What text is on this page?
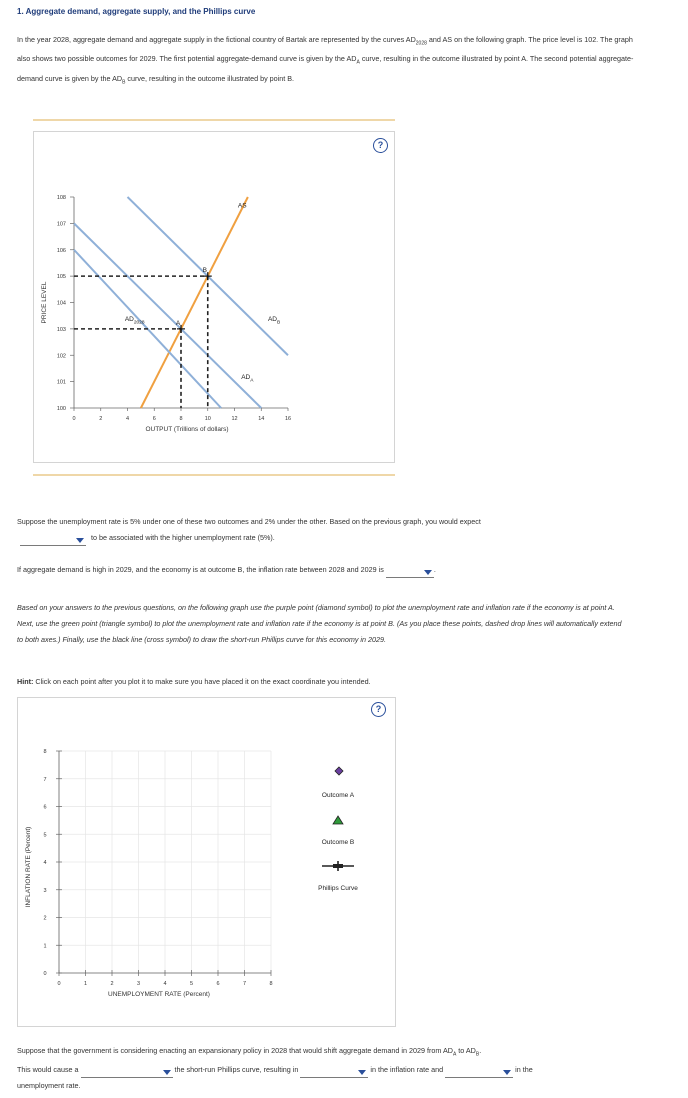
1. Aggregate demand, aggregate supply, and the Phillips curve
In the year 2028, aggregate demand and aggregate supply in the fictional country of Bartak are represented by the curves $AD_{2028}$ and AS on the following graph. The price level is 102. The graph also shows two possible outcomes for 2029. The first potential aggregate-demand curve is given by the $AD_A$ curve, resulting in the outcome illustrated by point A. The second potential aggregate-demand curve is given by the $AD_B$ curve, resulting in the outcome illustrated by point B.
?
108
107
106
105
104
103
102
101
100
0	2	4	6	8	10	12	14	16
PRICE LEVEL
OUTPUT (Trillions of dollars)
A
B
AS
$AD_{2028}$
$AD_A$
$AD_B$
Suppose the unemployment rate is 5% under one of these two outcomes and 2% under the other. Based on the previous graph, you would expect

to be associated with the higher unemployment rate (5%).
If aggregate demand is high in 2029, and the economy is at outcome B, the inflation rate between 2028 and 2029 is	.
Based on your answers to the previous questions, on the following graph use the purple point (diamond symbol) to plot the unemployment rate and inflation rate if the economy is at point A. Next, use the green point (triangle symbol) to plot the unemployment rate and inflation rate if the economy is at point B. (As you place these points, dashed drop lines will automatically extend to both axes.) Finally, use the black line (cross symbol) to draw the short-run Phillips curve for this economy in 2029.
Hint: Click on each point after you plot it to make sure you have placed it on the exact coordinate you intended.
?
8
7
6
5
4
3
2
1
0
0	1	2	3	4	5	6	7	8
INFLATION RATE (Percent)
UNEMPLOYMENT RATE (Percent)
Outcome A
Outcome B
Phillips Curve
Suppose that the government is considering enacting an expansionary policy in 2028 that would shift aggregate demand in 2029 from $AD_A$ to $AD_B$.
This would cause a	the short-run Phillips curve, resulting in	in the inflation rate and	in the
unemployment rate.
